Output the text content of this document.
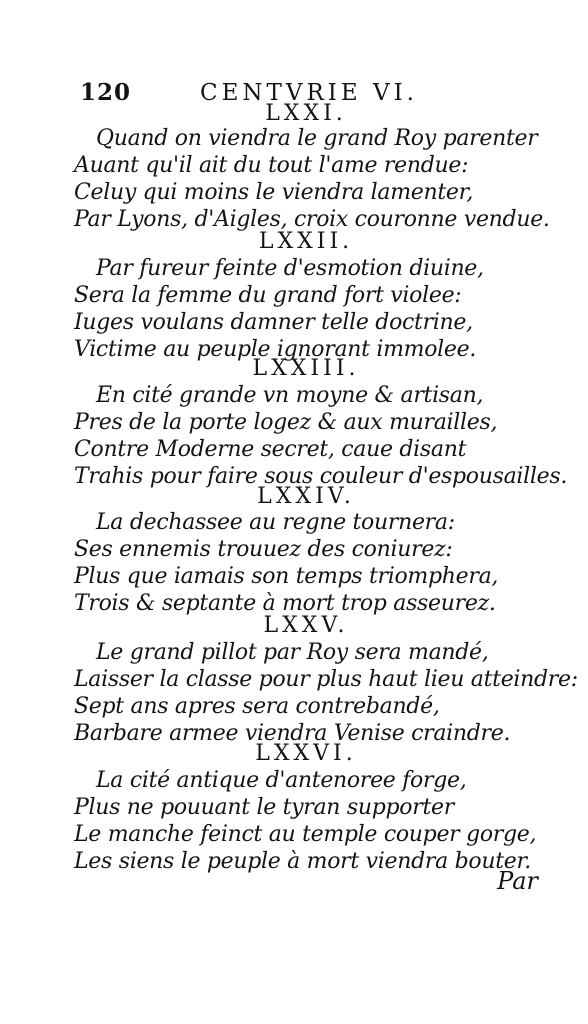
120	CENTVRIE VI.
LXXI.
Quand on viendra le grand Roy parenter
Auant qu'il ait du tout l'ame rendue:
Celuy qui moins le viendra lamenter,
Par Lyons, d'Aigles, croix couronne vendue.
LXXII.
Par fureur feinte d'esmotion diuine,
Sera la femme du grand fort violee:
Iuges voulans damner telle doctrine,
Victime au peuple ignorant immolee.
LXXIII.
En cité grande vn moyne & artisan,
Pres de la porte logez & aux murailles,
Contre Moderne secret, caue disant
Trahis pour faire sous couleur d'espousailles.
LXXIV.
La dechassee au regne tournera:
Ses ennemis trouuez des coniurez:
Plus que iamais son temps triomphera,
Trois & septante à mort trop asseurez.
LXXV.
Le grand pillot par Roy sera mandé,
Laisser la classe pour plus haut lieu atteindre:
Sept ans apres sera contrebandé,
Barbare armee viendra Venise craindre.
LXXVI.
La cité antique d'antenoree forge,
Plus ne pouuant le tyran supporter
Le manche feinct au temple couper gorge,
Les siens le peuple à mort viendra bouter.
Par
